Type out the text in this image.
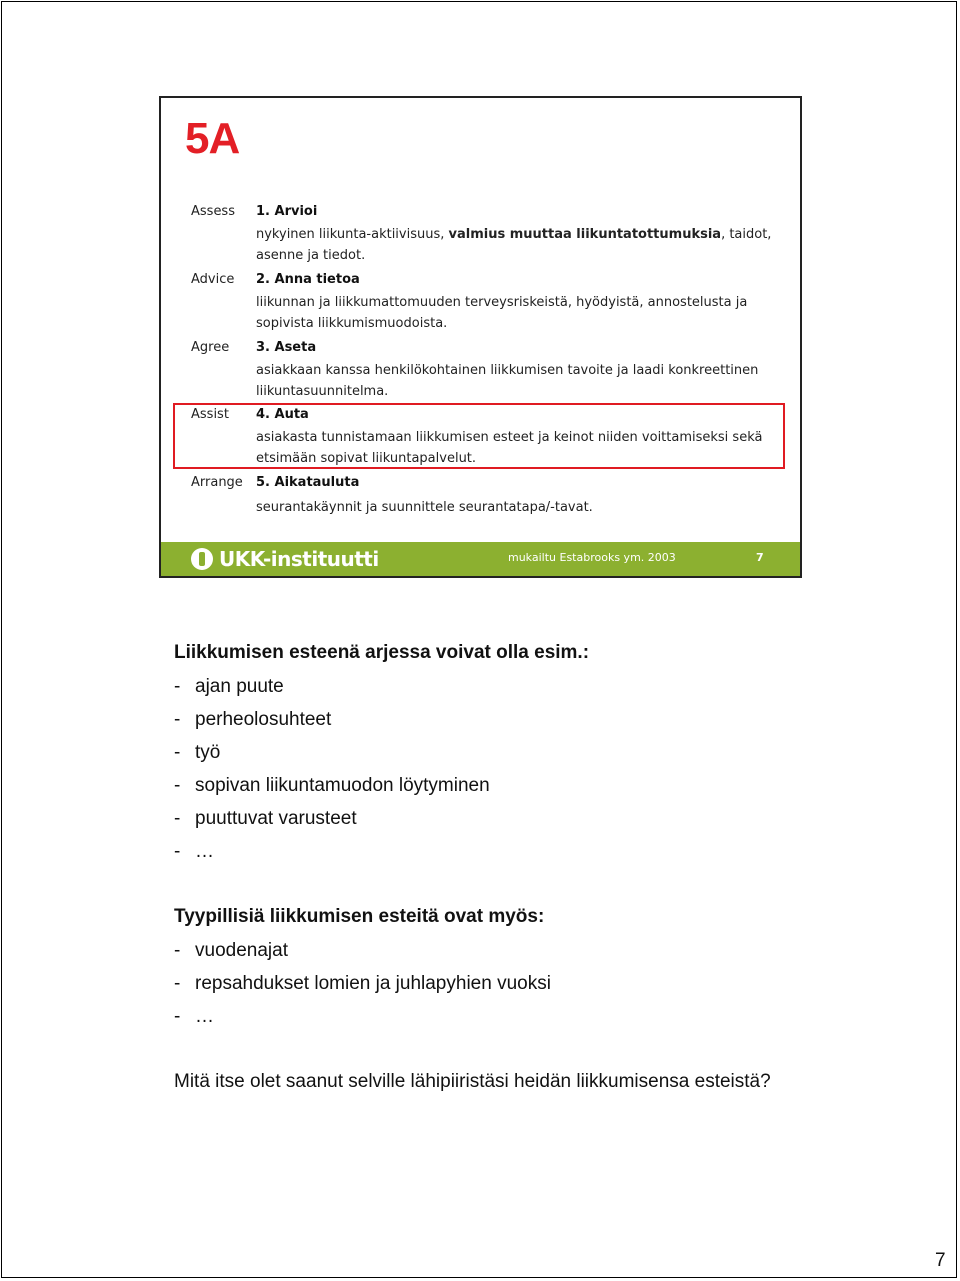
5A
Assess 1. Arvioi
nykyinen liikunta-aktiivisuus, valmius muuttaa liikuntatottumuksia, taidot, asenne ja tiedot.
Advice 2. Anna tietoa
liikunnan ja liikkumattomuuden terveysriskeistä, hyödyistä, annostelusta ja sopivista liikkumismuodoista.
Agree 3. Aseta
asiakkaan kanssa henkilökohtainen liikkumisen tavoite ja laadi konkreettinen liikuntasuunnitelma.
Assist 4. Auta
asiakasta tunnistamaan liikkumisen esteet ja keinot niiden voittamiseksi sekä etsimään sopivat liikuntapalvelut.
Arrange 5. Aikatauluta
seurantakäynnit ja suunnittele seurantatapa/-tavat.
UKK-instituutti	mukailtu Estabrooks ym. 2003	7
Liikkumisen esteenä arjessa voivat olla esim.:
- ajan puute
- perheolosuhteet
- työ
- sopivan liikuntamuodon löytyminen
- puuttuvat varusteet
- …
Tyypillisiä liikkumisen esteitä ovat myös:
- vuodenajat
- repsahdukset lomien ja juhlapyhien vuoksi
- …
Mitä itse olet saanut selville lähipiiristäsi heidän liikkumisensa esteistä?
7
